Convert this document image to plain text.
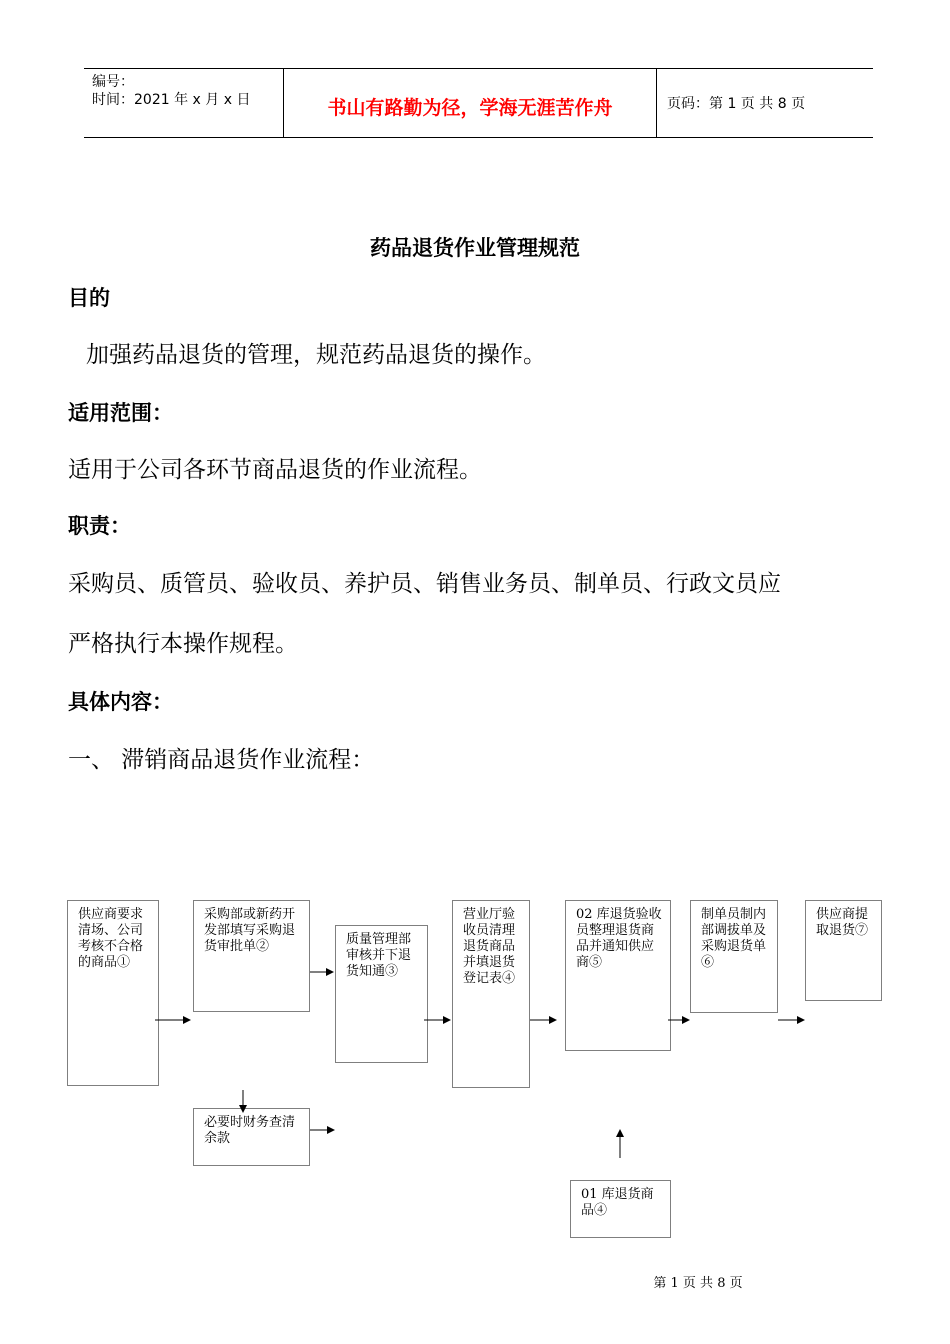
编号：
时间：2021 年 x 月 x 日	书山有路勤为径，学海无涯苦作舟	页码：第 1 页 共 8 页
药品退货作业管理规范
目的
加强药品退货的管理，规范药品退货的操作。
适用范围：
适用于公司各环节商品退货的作业流程。
职责：
采购员、质管员、验收员、养护员、销售业务员、制单员、行政文员应
严格执行本操作规程。
具体内容：
一、 滞销商品退货作业流程：
供应商要求清场、公司考核不合格的商品①
采购部或新药开发部填写采购退货审批单②
必要时财务查清余款
质量管理部审核并下退货知通③
营业厅验收员清理退货商品并填退货登记表④
02 库退货验收员整理退货商品并通知供应商⑤
01 库退货商品④
制单员制内部调拔单及采购退货单⑥
供应商提取退货⑦
第 1 页 共 8 页
